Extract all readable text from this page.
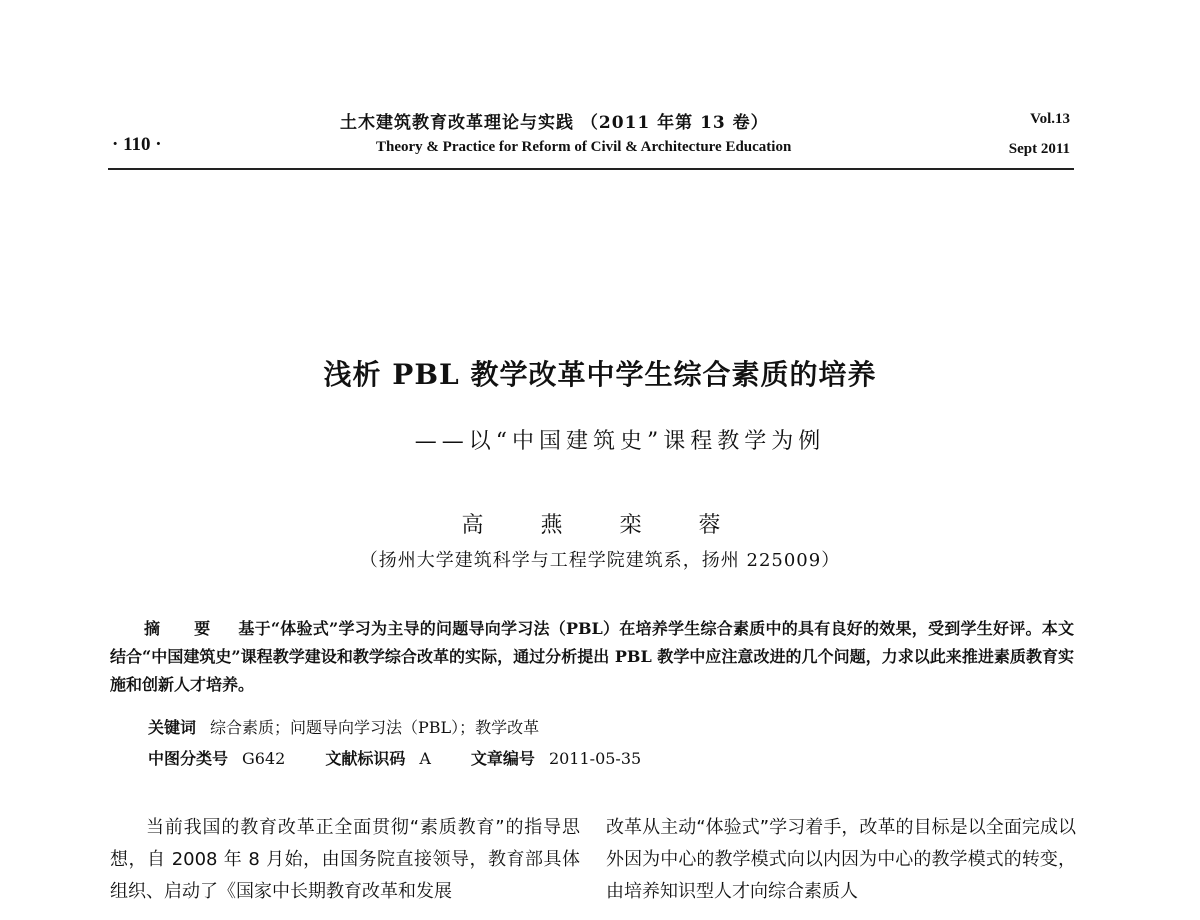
土木建筑教育改革理论与实践 （2011 年第 13 卷）
Theory & Practice for Reform of Civil & Architecture Education
· 110 ·
Vol.13
Sept 2011
浅析 PBL 教学改革中学生综合素质的培养
——以“中国建筑史”课程教学为例
高 燕 栾 蓉
（扬州大学建筑科学与工程学院建筑系，扬州 225009）
摘 要 基于“体验式”学习为主导的问题导向学习法（PBL）在培养学生综合素质中的具有良好的效果，受到学生好评。本文结合“中国建筑史”课程教学建设和教学综合改革的实际，通过分析提出 PBL 教学中应注意改进的几个问题，力求以此来推进素质教育实施和创新人才培养。
关键词 综合素质；问题导向学习法（PBL）；教学改革
中图分类号 G642	文献标识码 A	文章编号 2011-05-35
当前我国的教育改革正全面贯彻“素质教育”的指导思想，自 2008 年 8 月始，由国务院直接领导，教育部具体组织、启动了《国家中长期教育改革和发展
改革从主动“体验式”学习着手，改革的目标是以全面完成以外因为中心的教学模式向以内因为中心的教学模式的转变，由培养知识型人才向综合素质人
